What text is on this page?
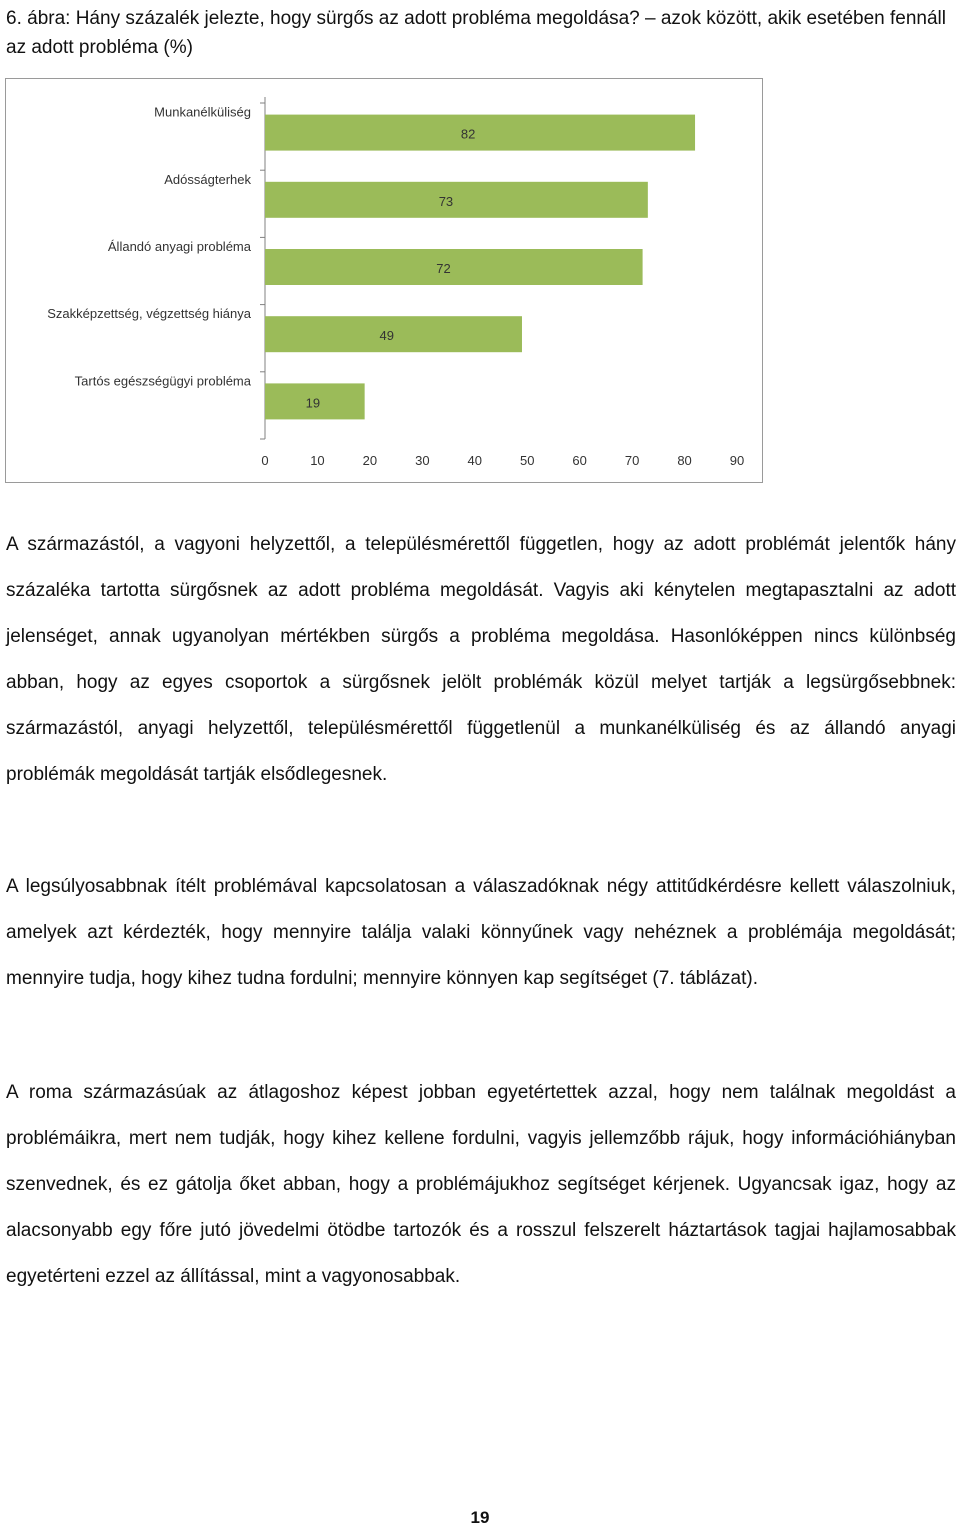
6. ábra: Hány százalék jelezte, hogy sürgős az adott probléma megoldása? – azok között, akik esetében fennáll az adott probléma (%)
Munkanélküliség
82
Adósságterhek
73
Állandó anyagi probléma
72
Szakképzettség, végzettség hiánya
49
Tartós egészségügyi probléma
19
0	10	20	30	40	50	60	70	80	90

A származástól, a vagyoni helyzettől, a településmérettől független, hogy az adott problémát jelentők hány százaléka tartotta sürgősnek az adott probléma megoldását. Vagyis aki kénytelen megtapasztalni az adott jelenséget, annak ugyanolyan mértékben sürgős a probléma megoldása. Hasonlóképpen nincs különbség abban, hogy az egyes csoportok a sürgősnek jelölt problémák közül melyet tartják a legsürgősebbnek: származástól, anyagi helyzettől, településmérettől függetlenül a munkanélküliség és az állandó anyagi problémák megoldását tartják elsődlegesnek.

A legsúlyosabbnak ítélt problémával kapcsolatosan a válaszadóknak négy attitűdkérdésre kellett válaszolniuk, amelyek azt kérdezték, hogy mennyire találja valaki könnyűnek vagy nehéznek a problémája megoldását; mennyire tudja, hogy kihez tudna fordulni; mennyire könnyen kap segítséget (7. táblázat).

A roma származásúak az átlagoshoz képest jobban egyetértettek azzal, hogy nem találnak megoldást a problémáikra, mert nem tudják, hogy kihez kellene fordulni, vagyis jellemzőbb rájuk, hogy információhiányban szenvednek, és ez gátolja őket abban, hogy a problémájukhoz segítséget kérjenek. Ugyancsak igaz, hogy az alacsonyabb egy főre jutó jövedelmi ötödbe tartozók és a rosszul felszerelt háztartások tagjai hajlamosabbak egyetérteni ezzel az állítással, mint a vagyonosabbak.

19
